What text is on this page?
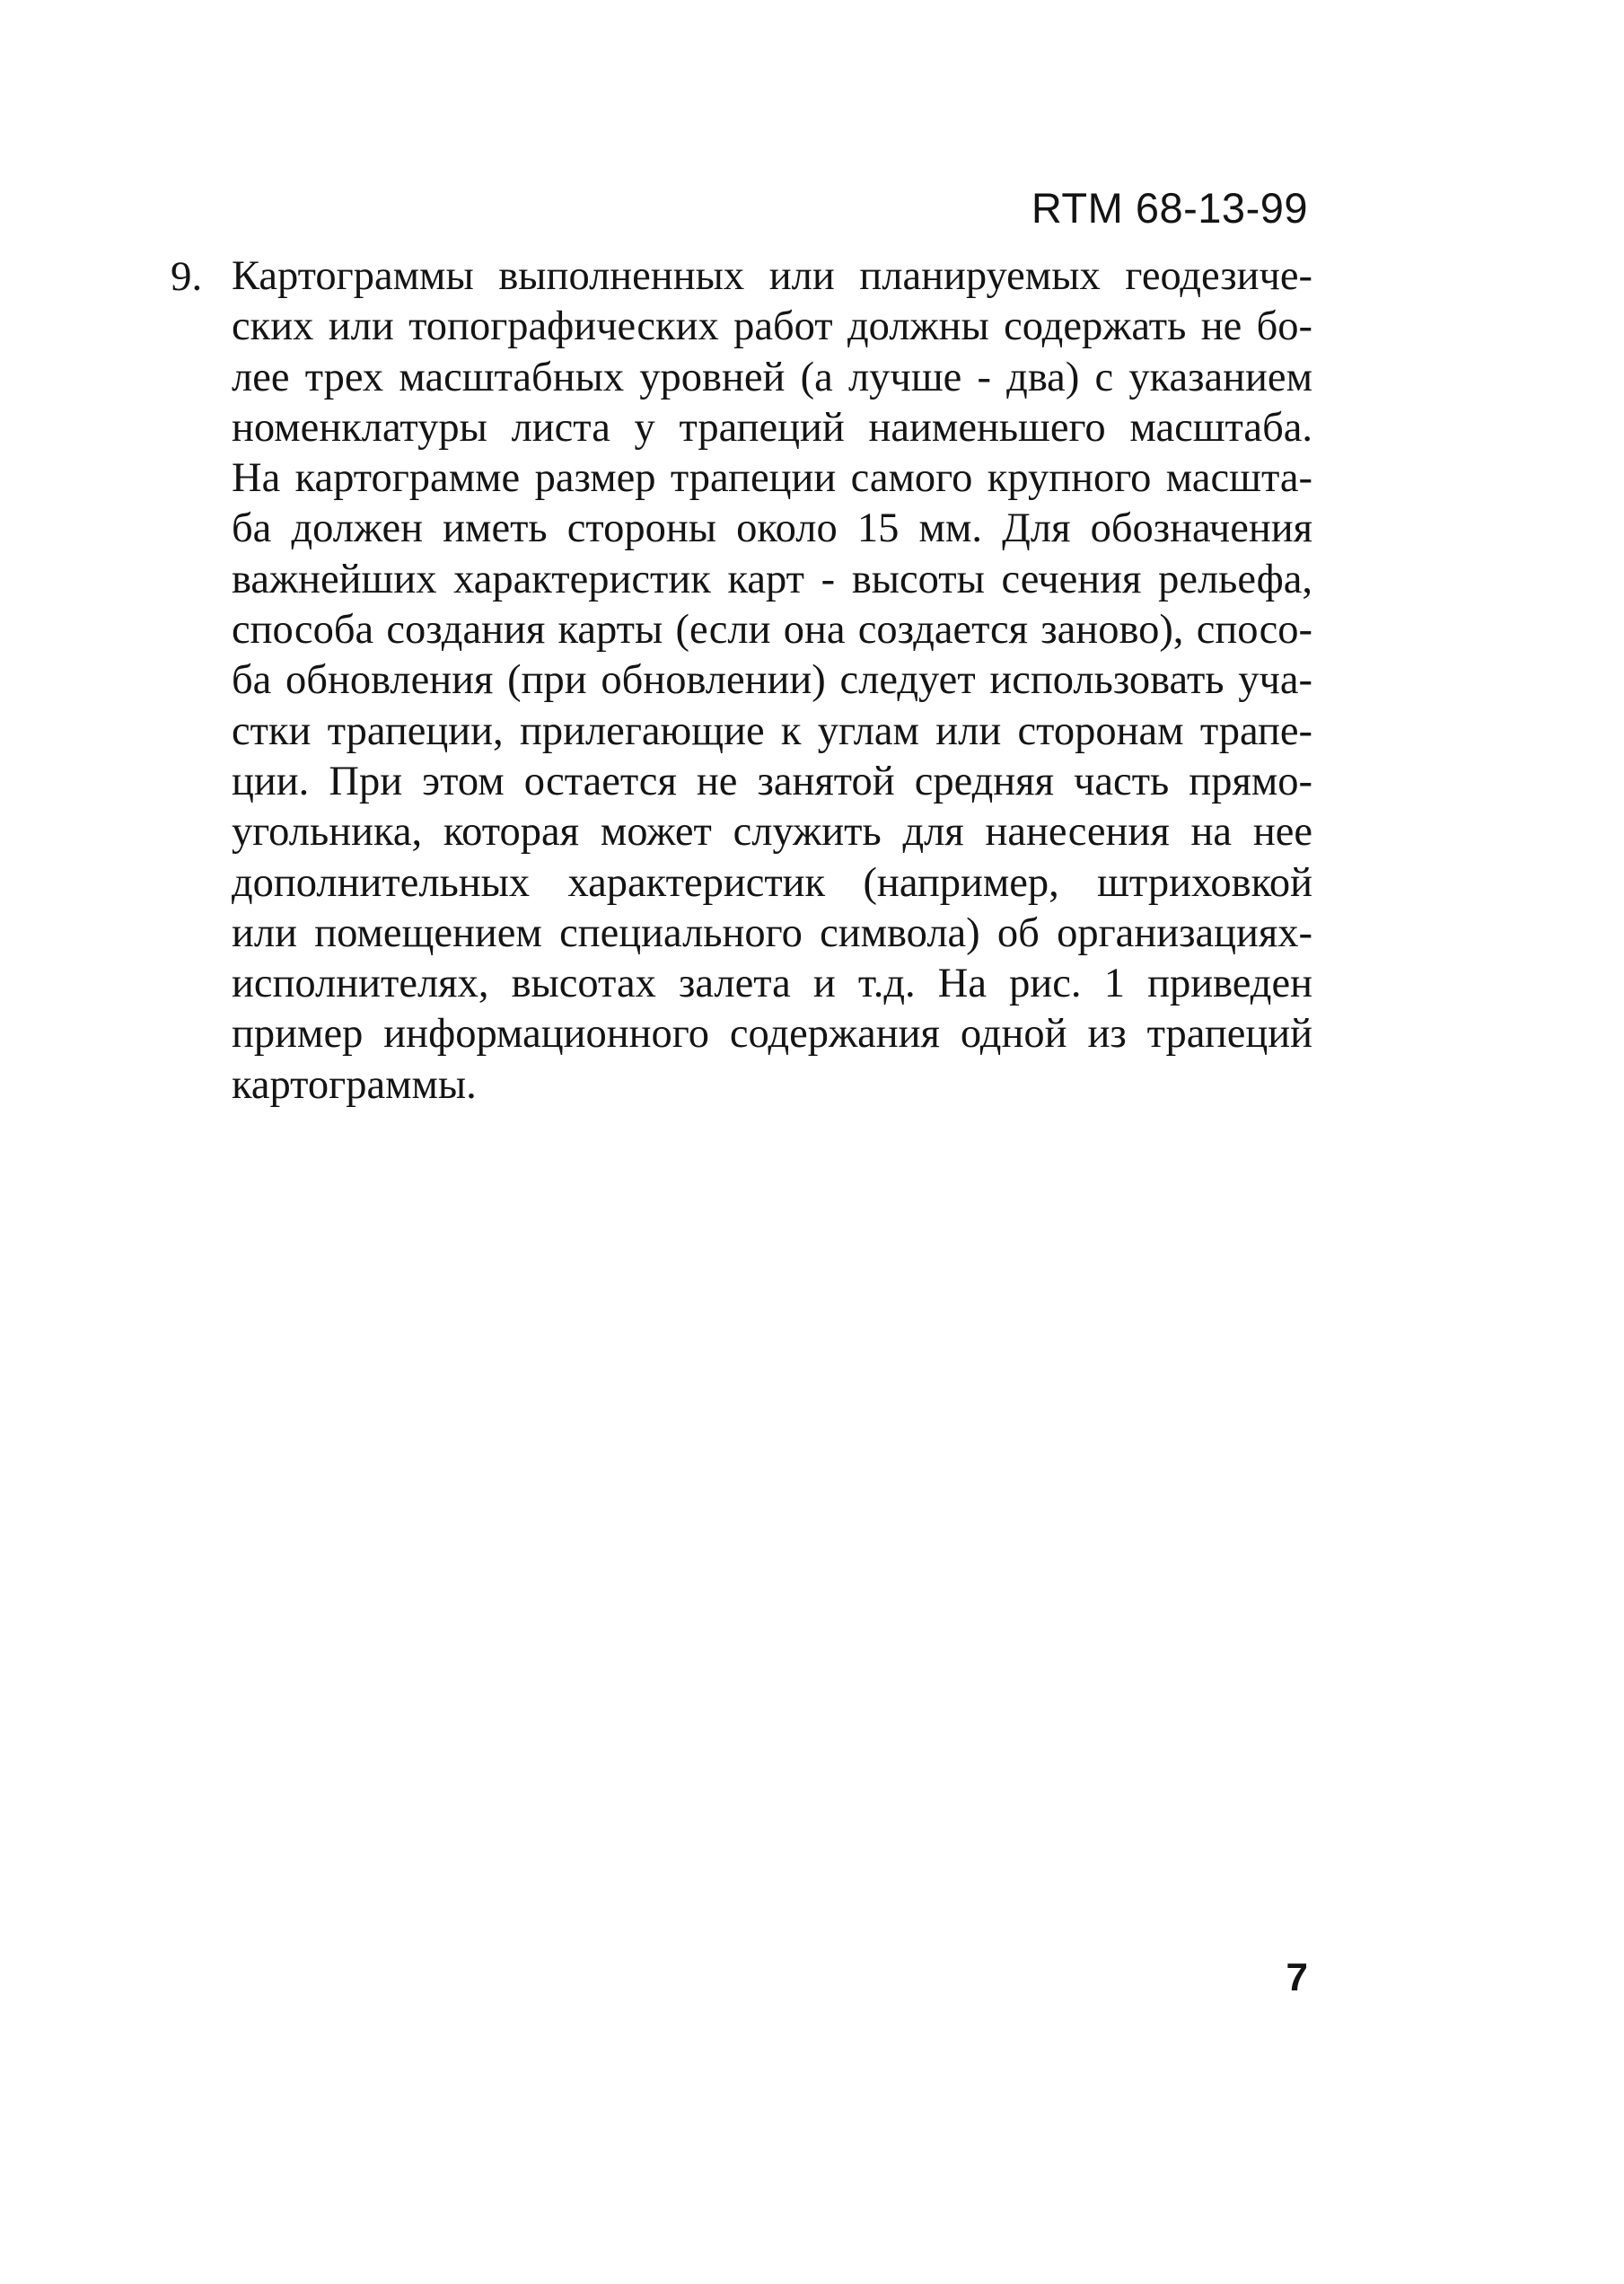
RTM 68-13-99
9. Картограммы выполненных или планируемых геодезиче-
ских или топографических работ должны содержать не бо-
лее трех масштабных уровней (а лучше - два) с указанием
номенклатуры листа у трапеций наименьшего масштаба.
На картограмме размер трапеции самого крупного масшта-
ба должен иметь стороны около 15 мм. Для обозначения
важнейших характеристик карт - высоты сечения рельефа,
способа создания карты (если она создается заново), спосо-
ба обновления (при обновлении) следует использовать уча-
стки трапеции, прилегающие к углам или сторонам трапе-
ции. При этом остается не занятой средняя часть прямо-
угольника, которая может служить для нанесения на нее
дополнительных характеристик (например, штриховкой
или помещением специального символа) об организациях-
исполнителях, высотах залета и т.д. На рис. 1 приведен
пример информационного содержания одной из трапеций
картограммы.
7
